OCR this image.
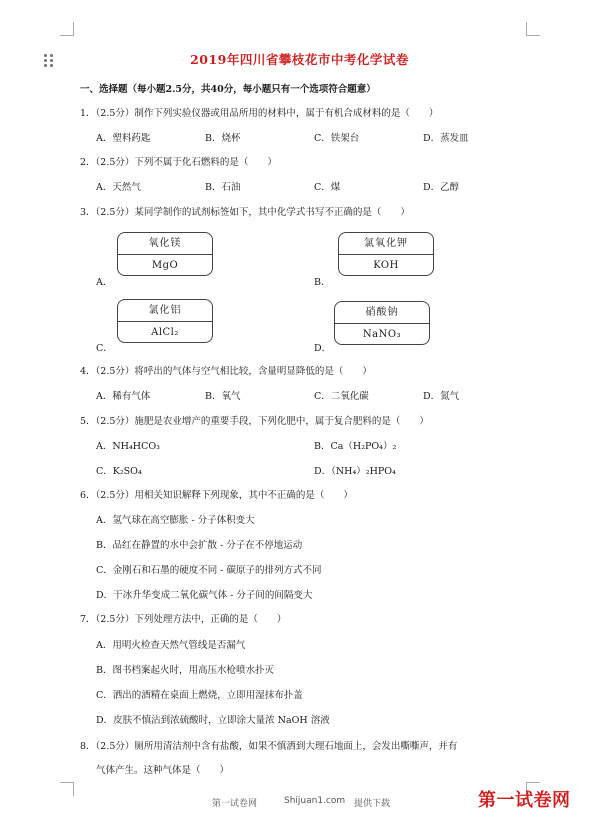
2019年四川省攀枝花市中考化学试卷
一、选择题（每小题2.5分，共40分，每小题只有一个选项符合题意）
1．（2.5分）制作下列实验仪器或用品所用的材料中，属于有机合成材料的是（　　）
A．塑料药匙	B．烧杯	C．铁架台	D．蒸发皿
2．（2.5分）下列不属于化石燃料的是（　　）
A．天然气	B．石油	C．煤	D．乙醇
3．（2.5分）某同学制作的试剂标签如下，其中化学式书写不正确的是（　　）
氧化镁
MgO
氯氧化钾
KOH
A．	B．
氯化铝
AlCl₂
硝酸钠
NaNO₃
C．	D．
4．（2.5分）将呼出的气体与空气相比较，含量明显降低的是（　　）
A．稀有气体	B．氧气	C．二氧化碳	D．氮气
5．（2.5分）施肥是农业增产的重要手段，下列化肥中，属于复合肥料的是（　　）
A．NH₄HCO₃	B．Ca（H₂PO₄）₂
C．K₂SO₄	D．（NH₄）₂HPO₄
6．（2.5分）用相关知识解释下列现象，其中不正确的是（　　）
A．氢气球在高空膨胀 - 分子体积变大
B．品红在静置的水中会扩散 - 分子在不停地运动
C．金刚石和石墨的硬度不同 - 碳原子的排列方式不同
D．干冰升华变成二氧化碳气体 - 分子间的间隔变大
7．（2.5分）下列处理方法中，正确的是（　　）
A．用明火检查天然气管线是否漏气
B．图书档案起火时，用高压水枪喷水扑灭
C．洒出的酒精在桌面上燃烧，立即用湿抹布扑盖
D．皮肤不慎沾到浓硫酸时，立即涂大量浓 NaOH 溶液
8．（2.5分）厕所用清洁剂中含有盐酸，如果不慎洒到大理石地面上，会发出嘶嘶声，并有
气体产生。这种气体是（　　）
第一试卷网	Shijuan1.com 提供下载	第一试卷网
